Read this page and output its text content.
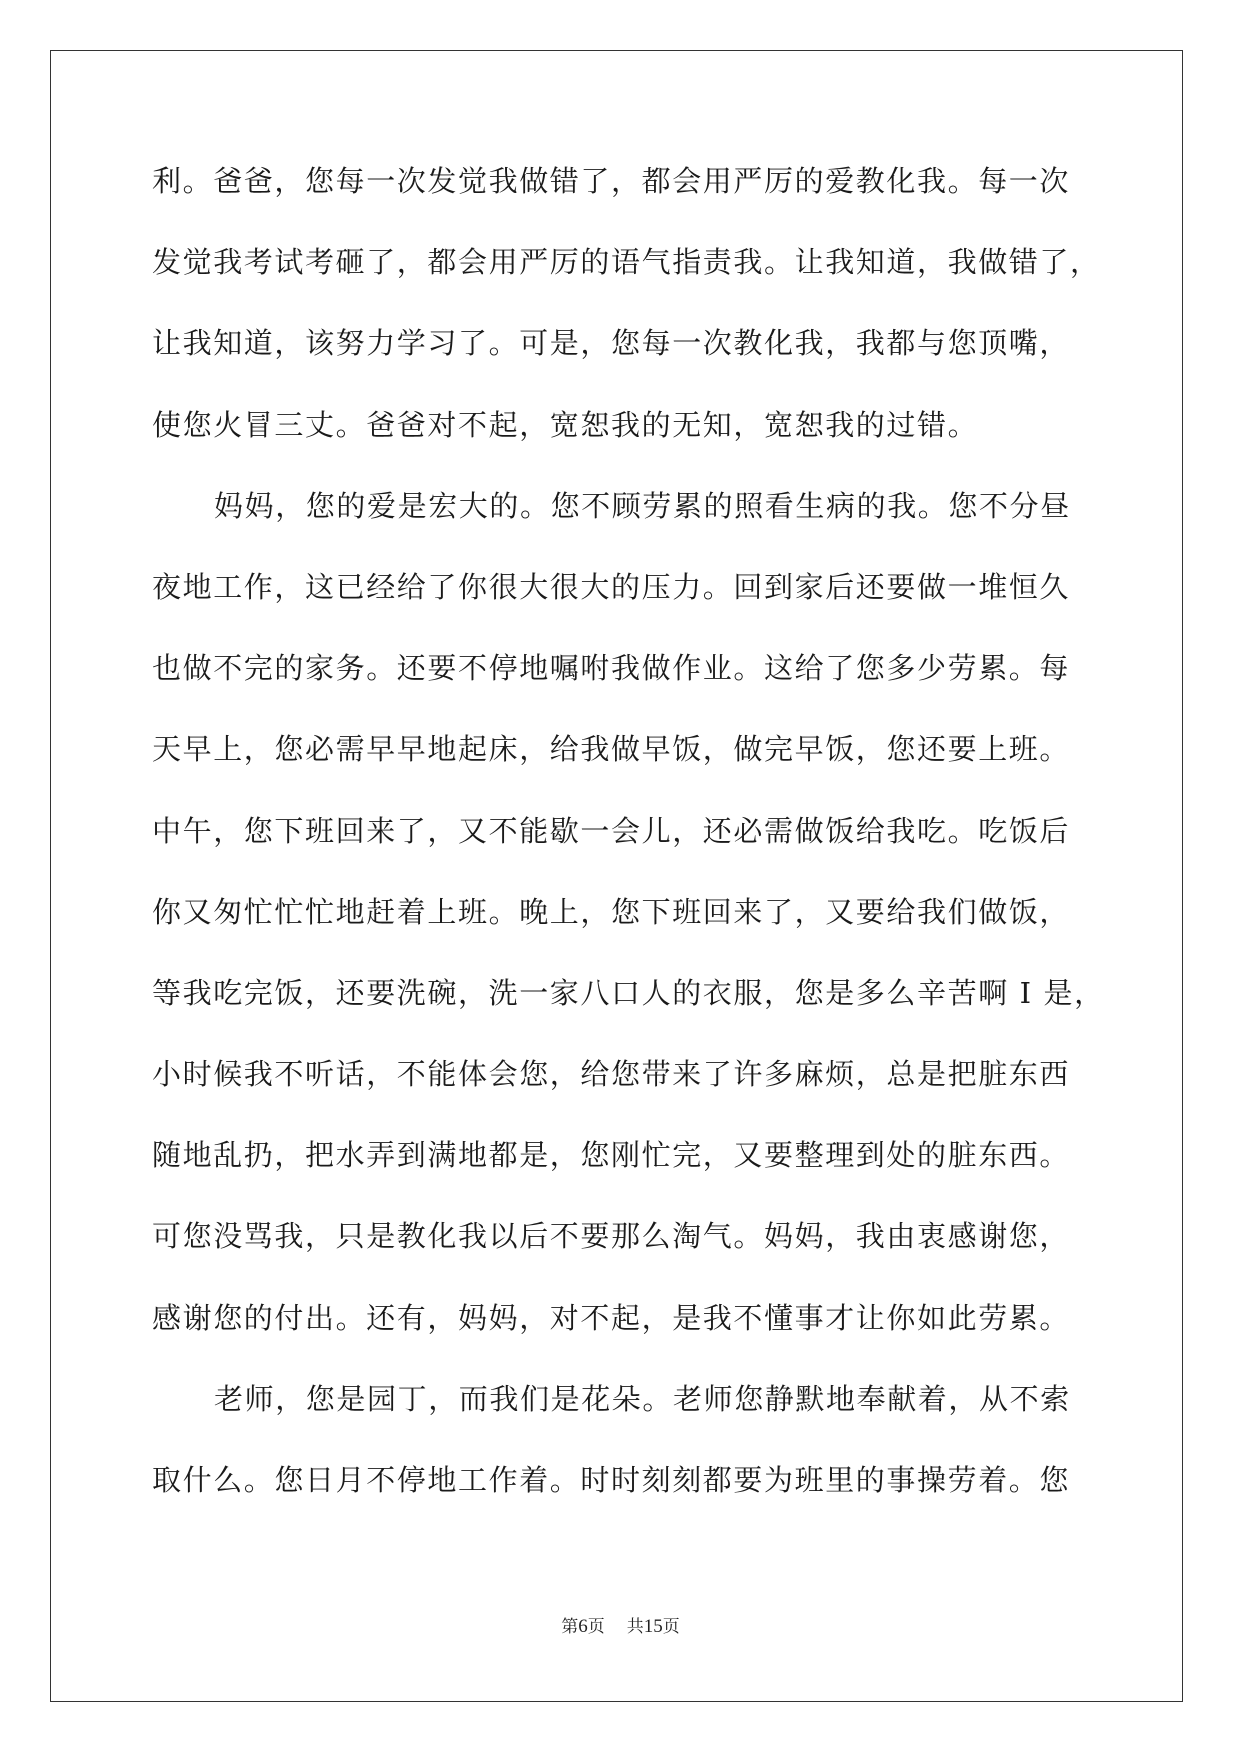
利。爸爸，您每一次发觉我做错了，都会用严厉的爱教化我。每一次
发觉我考试考砸了，都会用严厉的语气指责我。让我知道，我做错了，
让我知道，该努力学习了。可是，您每一次教化我，我都与您顶嘴，
使您火冒三丈。爸爸对不起，宽恕我的无知，宽恕我的过错。
妈妈，您的爱是宏大的。您不顾劳累的照看生病的我。您不分昼
夜地工作，这已经给了你很大很大的压力。回到家后还要做一堆恒久
也做不完的家务。还要不停地嘱咐我做作业。这给了您多少劳累。每
天早上，您必需早早地起床，给我做早饭，做完早饭，您还要上班。
中午，您下班回来了，又不能歇一会儿，还必需做饭给我吃。吃饭后
你又匆忙忙忙地赶着上班。晚上，您下班回来了，又要给我们做饭，
等我吃完饭，还要洗碗，洗一家八口人的衣服，您是多么辛苦啊 I 是，
小时候我不听话，不能体会您，给您带来了许多麻烦，总是把脏东西
随地乱扔，把水弄到满地都是，您刚忙完，又要整理到处的脏东西。
可您没骂我，只是教化我以后不要那么淘气。妈妈，我由衷感谢您，
感谢您的付出。还有，妈妈，对不起，是我不懂事才让你如此劳累。
老师，您是园丁，而我们是花朵。老师您静默地奉献着，从不索
取什么。您日月不停地工作着。时时刻刻都要为班里的事操劳着。您
第6页 共15页
